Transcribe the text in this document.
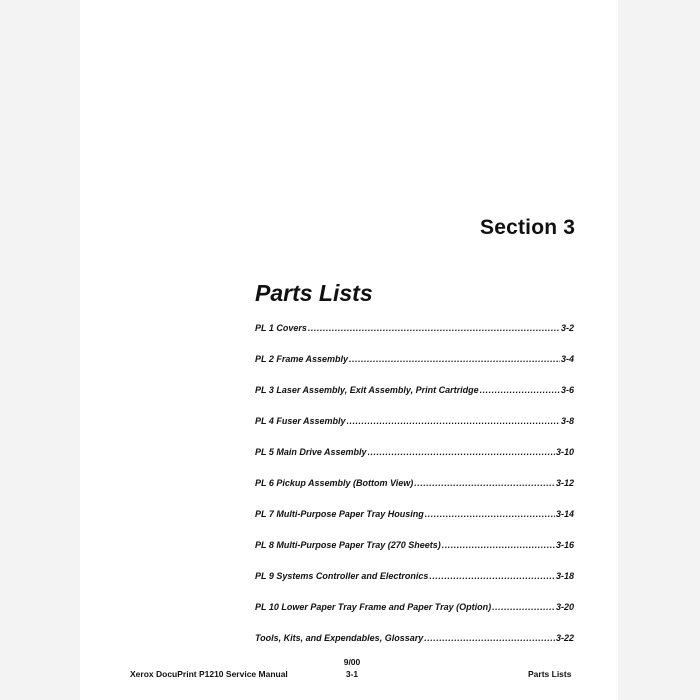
Section 3
Parts Lists
PL 1 Covers .....	3-2
PL 2 Frame Assembly .....	3-4
PL 3 Laser Assembly, Exit Assembly, Print Cartridge .....	3-6
PL 4 Fuser Assembly .....	3-8
PL 5 Main Drive Assembly .....	3-10
PL 6 Pickup Assembly (Bottom View) .....	3-12
PL 7 Multi-Purpose Paper Tray Housing .....	3-14
PL 8 Multi-Purpose Paper Tray (270 Sheets) .....	3-16
PL 9 Systems Controller and Electronics .....	3-18
PL 10 Lower Paper Tray Frame and Paper Tray (Option) .....	3-20
Tools, Kits, and Expendables, Glossary .....	3-22
Xerox DocuPrint P1210 Service Manual
9/00
3-1	Parts Lists
